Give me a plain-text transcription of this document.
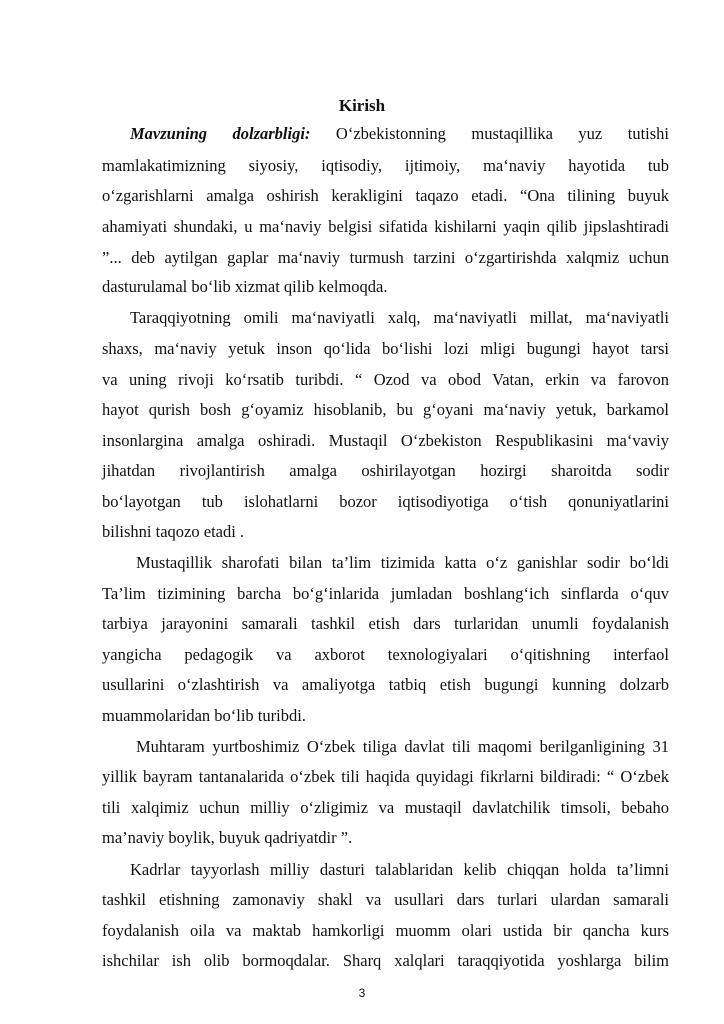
Kirish
Mavzuning dolzarbligi: O‘zbekistonning mustaqillika yuz tutishi
mamlakatimizning siyosiy, iqtisodiy, ijtimoiy, ma‘naviy hayotida tub
o‘zgarishlarni amalga oshirish kerakligini taqazo etadi. “Ona tilining buyuk
ahamiyati shundaki, u ma‘naviy belgisi sifatida kishilarni yaqin qilib jipslashtiradi
”... deb aytilgan gaplar ma‘naviy turmush tarzini o‘zgartirishda xalqmiz uchun
dasturulamal bo‘lib xizmat qilib kelmoqda.
Taraqqiyotning omili ma‘naviyatli xalq, ma‘naviyatli millat, ma‘naviyatli
shaxs, ma‘naviy yetuk inson qo‘lida bo‘lishi lozi mligi bugungi hayot tarsi
va uning rivoji ko‘rsatib turibdi. “ Ozod va obod Vatan, erkin va farovon
hayot qurish bosh g‘oyamiz hisoblanib, bu g‘oyani ma‘naviy yetuk, barkamol
insonlargina amalga oshiradi. Mustaqil O‘zbekiston Respublikasini ma‘vaviy
jihatdan rivojlantirish amalga oshirilayotgan hozirgi sharoitda sodir
bo‘layotgan tub islohatlarni bozor iqtisodiyotiga o‘tish qonuniyatlarini
bilishni taqozo etadi .
Mustaqillik sharofati bilan ta’lim tizimida katta o‘z ganishlar sodir bo‘ldi
Ta’lim tizimining barcha bo‘g‘inlarida jumladan boshlang‘ich sinflarda o‘quv
tarbiya jarayonini samarali tashkil etish dars turlaridan unumli foydalanish
yangicha pedagogik va axborot texnologiyalari o‘qitishning interfaol
usullarini o‘zlashtirish va amaliyotga tatbiq etish bugungi kunning dolzarb
muammolaridan bo‘lib turibdi.
Muhtaram yurtboshimiz O‘zbek tiliga davlat tili maqomi berilganligining 31
yillik bayram tantanalarida o‘zbek tili haqida quyidagi fikrlarni bildiradi: “ O‘zbek
tili xalqimiz uchun milliy o‘zligimiz va mustaqil davlatchilik timsoli, bebaho
ma’naviy boylik, buyuk qadriyatdir ”.
Kadrlar tayyorlash milliy dasturi talablaridan kelib chiqqan holda ta’limni
tashkil etishning zamonaviy shakl va usullari dars turlari ulardan samarali
foydalanish oila va maktab hamkorligi muomm olari ustida bir qancha kurs
ishchilar ish olib bormoqdalar. Sharq xalqlari taraqqiyotida yoshlarga bilim
3
